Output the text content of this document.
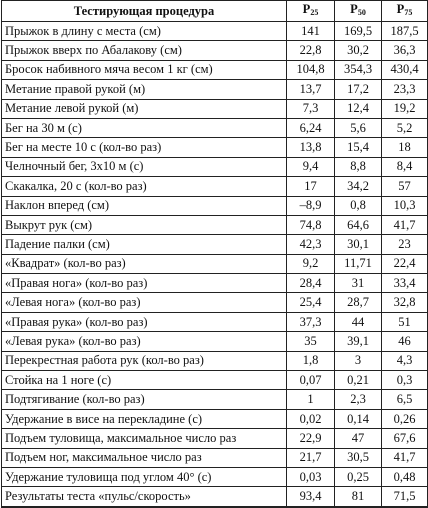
Тестирующая процедура	$P_{25}$	$P_{50}$	$P_{75}$
Прыжок в длину с места (см)	141	169,5	187,5
Прыжок вверх по Абалакову (см)	22,8	30,2	36,3
Бросок набивного мяча весом 1 кг (см)	104,8	354,3	430,4
Метание правой рукой (м)	13,7	17,2	23,3
Метание левой рукой (м)	7,3	12,4	19,2
Бег на 30 м (с)	6,24	5,6	5,2
Бег на месте 10 с (кол-во раз)	13,8	15,4	18
Челночный бег, 3х10 м (с)	9,4	8,8	8,4
Скакалка, 20 с (кол-во раз)	17	34,2	57
Наклон вперед (см)	–8,9	0,8	10,3
Выкрут рук (см)	74,8	64,6	41,7
Падение палки (см)	42,3	30,1	23
«Квадрат» (кол-во раз)	9,2	11,71	22,4
«Правая нога» (кол-во раз)	28,4	31	33,4
«Левая нога» (кол-во раз)	25,4	28,7	32,8
«Правая рука» (кол-во раз)	37,3	44	51
«Левая рука» (кол-во раз)	35	39,1	46
Перекрестная работа рук (кол-во раз)	1,8	3	4,3
Стойка на 1 ноге (с)	0,07	0,21	0,3
Подтягивание (кол-во раз)	1	2,3	6,5
Удержание в висе на перекладине (с)	0,02	0,14	0,26
Подъем туловища, максимальное число раз	22,9	47	67,6
Подъем ног, максимальное число раз	21,7	30,5	41,7
Удержание туловища под углом 40° (с)	0,03	0,25	0,48
Результаты теста «пульс/скорость»	93,4	81	71,5
